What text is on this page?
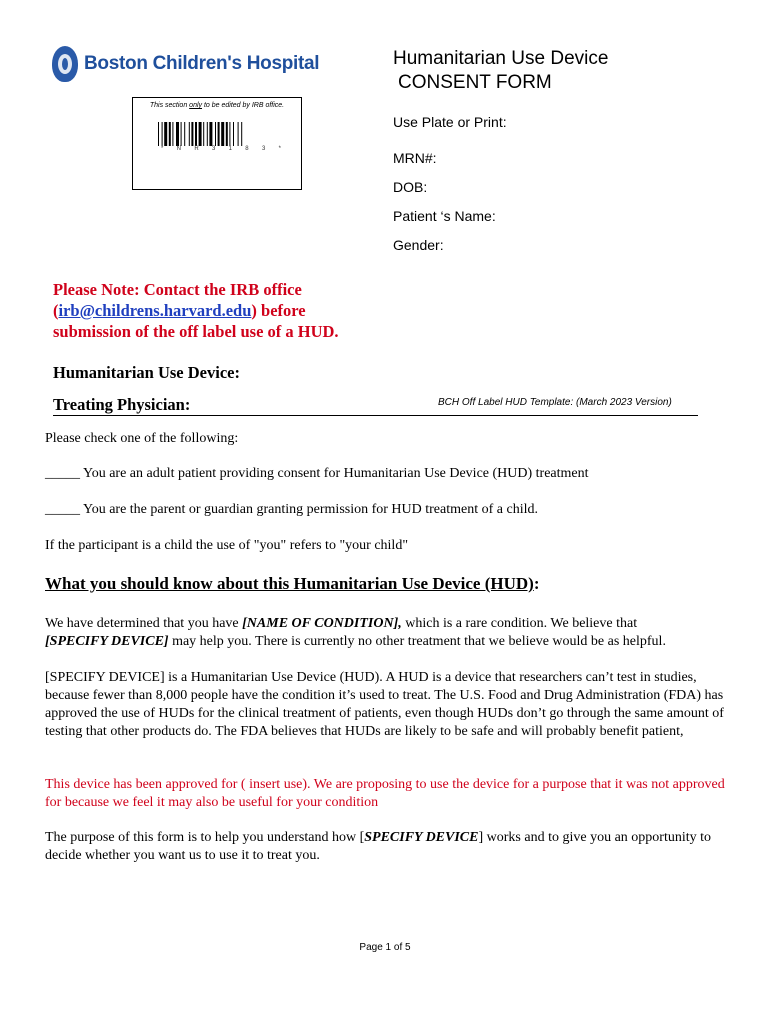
Boston Children's Hospital
This section only to be edited by IRB office.
* N R 3 1 8 3 *
Humanitarian Use Device
CONSENT FORM
Use Plate or Print:
MRN#:
DOB:
Patient ‘s Name:
Gender:
Please Note: Contact the IRB office
(irb@childrens.harvard.edu) before
submission of the off label use of a HUD.
Humanitarian Use Device:
Treating Physician:	BCH Off Label HUD Template: (March 2023 Version)
Please check one of the following:
_____ You are an adult patient providing consent for Humanitarian Use Device (HUD) treatment
_____ You are the parent or guardian granting permission for HUD treatment of a child.
If the participant is a child the use of "you" refers to "your child"
What you should know about this Humanitarian Use Device (HUD):
We have determined that you have [NAME OF CONDITION], which is a rare condition. We believe that
[SPECIFY DEVICE] may help you. There is currently no other treatment that we believe would be as helpful.
[SPECIFY DEVICE] is a Humanitarian Use Device (HUD). A HUD is a device that researchers can’t test in studies, because fewer than 8,000 people have the condition it’s used to treat. The U.S. Food and Drug Administration (FDA) has approved the use of HUDs for the clinical treatment of patients, even though HUDs don’t go through the same amount of testing that other products do. The FDA believes that HUDs are likely to be safe and will probably benefit patient,
This device has been approved for ( insert use). We are proposing to use the device for a purpose that it was not approved for because we feel it may also be useful for your condition
The purpose of this form is to help you understand how [SPECIFY DEVICE] works and to give you an opportunity to decide whether you want us to use it to treat you.
Page 1 of 5
